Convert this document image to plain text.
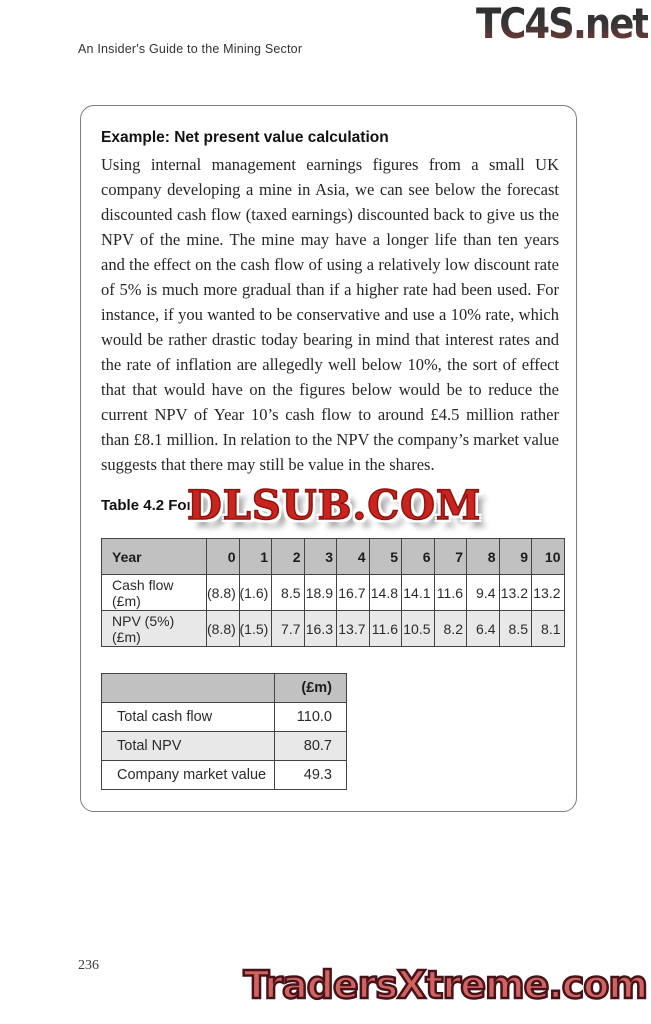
An Insider's Guide to the Mining Sector
TC4S.net
Example: Net present value calculation

Using internal management earnings figures from a small UK company developing a mine in Asia, we can see below the forecast discounted cash flow (taxed earnings) discounted back to give us the NPV of the mine. The mine may have a longer life than ten years and the effect on the cash flow of using a relatively low discount rate of 5% is much more gradual than if a higher rate had been used. For instance, if you wanted to be conservative and use a 10% rate, which would be rather drastic today bearing in mind that interest rates and the rate of inflation are allegedly well below 10%, the sort of effect that that would have on the figures below would be to reduce the current NPV of Year 10’s cash flow to around £4.5 million rather than £8.1 million. In relation to the NPV the company’s market value suggests that there may still be value in the shares.

Table 4.2 For
DLSUB.COM
Year	0	1	2	3	4	5	6	7	8	9	10
Cash flow (£m)	(8.8)	(1.6)	8.5	18.9	16.7	14.8	14.1	11.6	9.4	13.2	13.2
NPV (5%) (£m)	(8.8)	(1.5)	7.7	16.3	13.7	11.6	10.5	8.2	6.4	8.5	8.1
	(£m)
Total cash flow	110.0
Total NPV	80.7
Company market value	49.3
236	TradersXtreme.com
